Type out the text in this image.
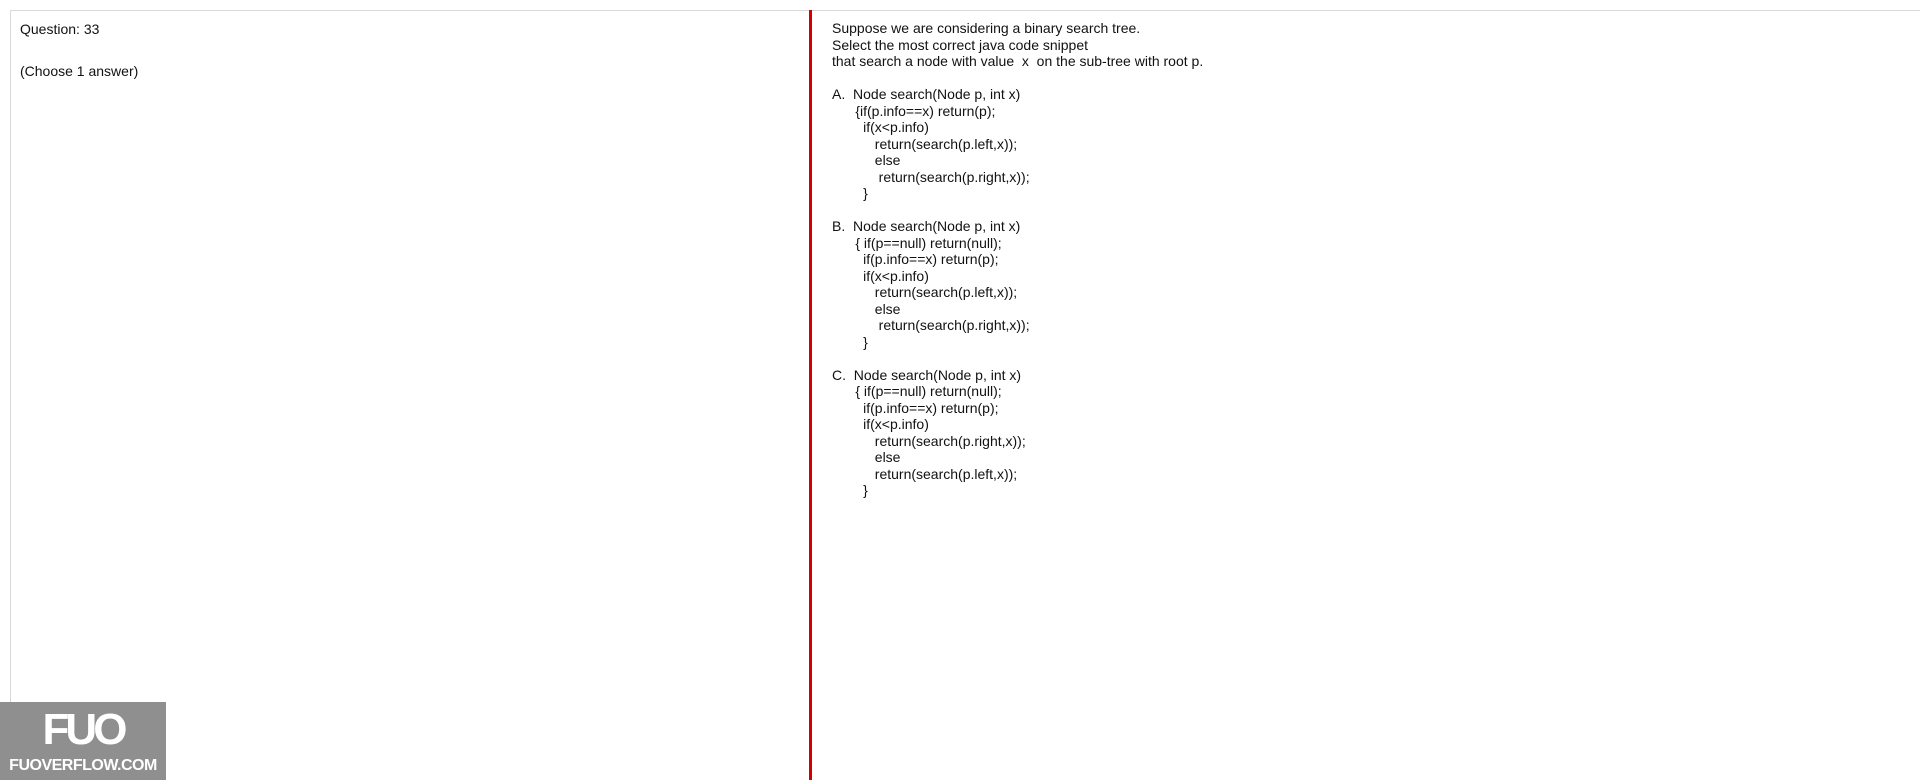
Question: 33
(Choose 1 answer)
Suppose we are considering a binary search tree.
Select the most correct java code snippet
that search a node with value  x  on the sub-tree with root p.

A.  Node search(Node p, int x)
{if(p.info==x) return(p);
if(x<p.info)
return(search(p.left,x));
else
return(search(p.right,x));
}

B.  Node search(Node p, int x)
{ if(p==null) return(null);
if(p.info==x) return(p);
if(x<p.info)
return(search(p.left,x));
else
return(search(p.right,x));
}

C.  Node search(Node p, int x)
{ if(p==null) return(null);
if(p.info==x) return(p);
if(x<p.info)
return(search(p.right,x));
else
return(search(p.left,x));
}
FUO
FUOVERFLOW.COM
